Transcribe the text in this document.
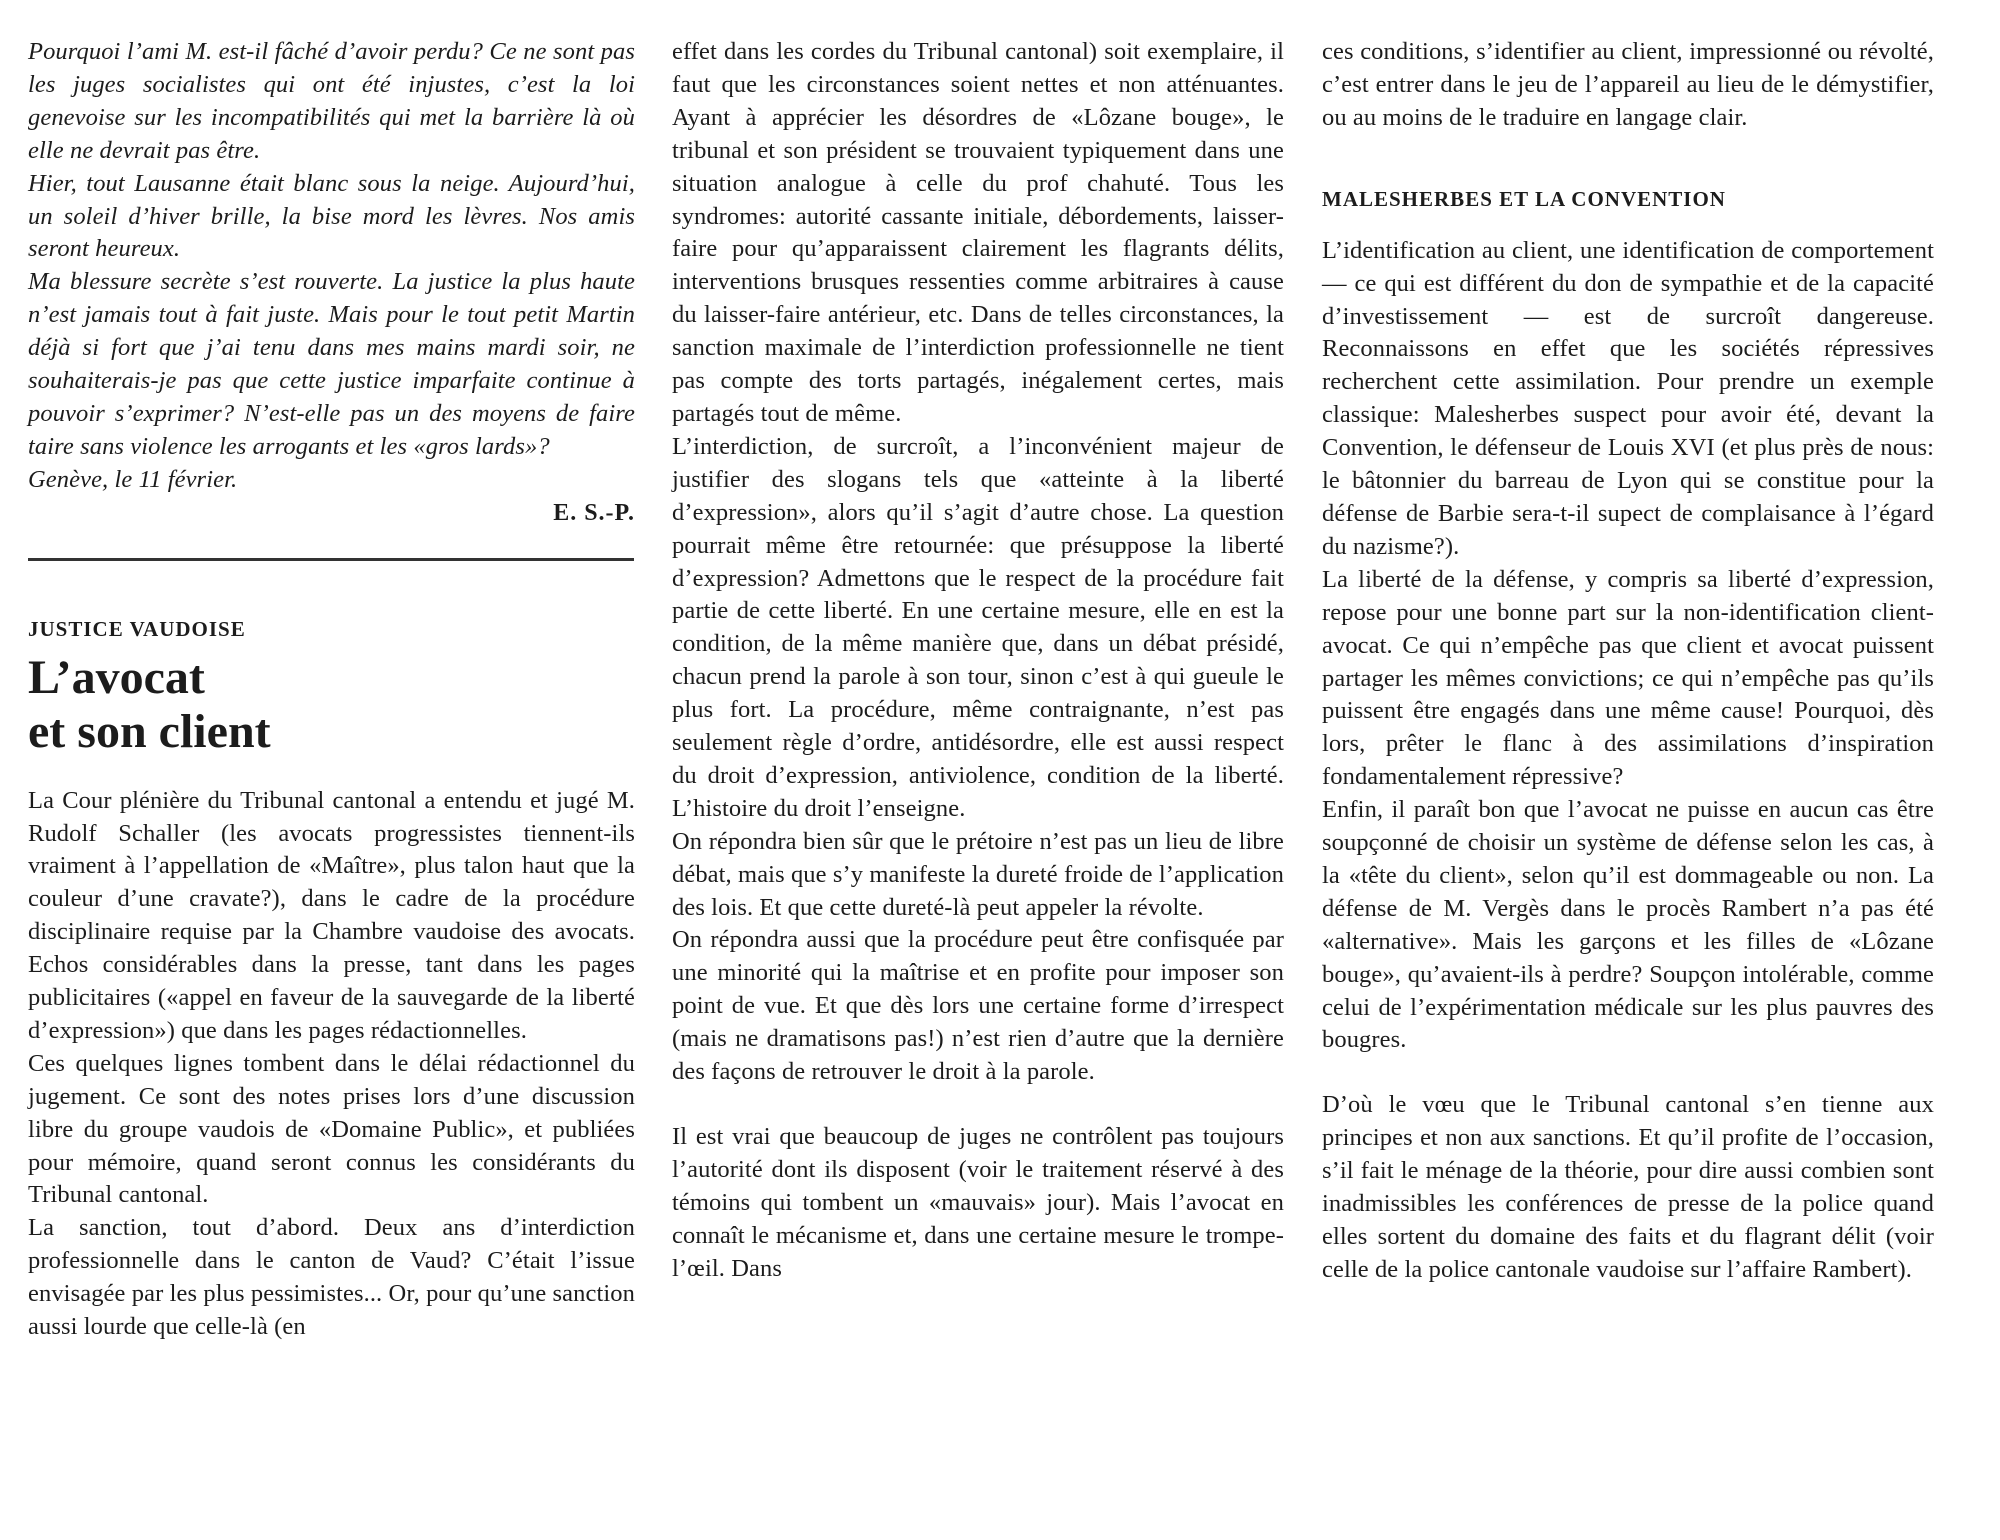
Pourquoi l’ami M. est-il fâché d’avoir perdu? Ce ne sont pas les juges socialistes qui ont été injustes, c’est la loi genevoise sur les incompatibilités qui met la barrière là où elle ne devrait pas être.

Hier, tout Lausanne était blanc sous la neige. Aujourd’hui, un soleil d’hiver brille, la bise mord les lèvres. Nos amis seront heureux.

Ma blessure secrète s’est rouverte. La justice la plus haute n’est jamais tout à fait juste. Mais pour le tout petit Martin déjà si fort que j’ai tenu dans mes mains mardi soir, ne souhaiterais-je pas que cette justice imparfaite continue à pouvoir s’exprimer? N’est-elle pas un des moyens de faire taire sans violence les arrogants et les «gros lards»?

Genève, le 11 février.

E. S.-P.

JUSTICE VAUDOISE
L’avocat
et son client

La Cour plénière du Tribunal cantonal a entendu et jugé M. Rudolf Schaller (les avocats progressistes tiennent-ils vraiment à l’appellation de «Maître», plus talon haut que la couleur d’une cravate?), dans le cadre de la procédure disciplinaire requise par la Chambre vaudoise des avocats. Echos considérables dans la presse, tant dans les pages publicitaires («appel en faveur de la sauvegarde de la liberté d’expression») que dans les pages rédactionnelles.

Ces quelques lignes tombent dans le délai rédactionnel du jugement. Ce sont des notes prises lors d’une discussion libre du groupe vaudois de «Domaine Public», et publiées pour mémoire, quand seront connus les considérants du Tribunal cantonal.

La sanction, tout d’abord. Deux ans d’interdiction professionnelle dans le canton de Vaud? C’était l’issue envisagée par les plus pessimistes... Or, pour qu’une sanction aussi lourde que celle-là (en

effet dans les cordes du Tribunal cantonal) soit exemplaire, il faut que les circonstances soient nettes et non atténuantes. Ayant à apprécier les désordres de «Lôzane bouge», le tribunal et son président se trouvaient typiquement dans une situation analogue à celle du prof chahuté. Tous les syndromes: autorité cassante initiale, débordements, laisser-faire pour qu’apparaissent clairement les flagrants délits, interventions brusques ressenties comme arbitraires à cause du laisser-faire antérieur, etc. Dans de telles circonstances, la sanction maximale de l’interdiction professionnelle ne tient pas compte des torts partagés, inégalement certes, mais partagés tout de même.

L’interdiction, de surcroît, a l’inconvénient majeur de justifier des slogans tels que «atteinte à la liberté d’expression», alors qu’il s’agit d’autre chose. La question pourrait même être retournée: que présuppose la liberté d’expression? Admettons que le respect de la procédure fait partie de cette liberté. En une certaine mesure, elle en est la condition, de la même manière que, dans un débat présidé, chacun prend la parole à son tour, sinon c’est à qui gueule le plus fort. La procédure, même contraignante, n’est pas seulement règle d’ordre, antidésordre, elle est aussi respect du droit d’expression, antiviolence, condition de la liberté. L’histoire du droit l’enseigne.

On répondra bien sûr que le prétoire n’est pas un lieu de libre débat, mais que s’y manifeste la dureté froide de l’application des lois. Et que cette dureté-là peut appeler la révolte.

On répondra aussi que la procédure peut être confisquée par une minorité qui la maîtrise et en profite pour imposer son point de vue. Et que dès lors une certaine forme d’irrespect (mais ne dramatisons pas!) n’est rien d’autre que la dernière des façons de retrouver le droit à la parole.

Il est vrai que beaucoup de juges ne contrôlent pas toujours l’autorité dont ils disposent (voir le traitement réservé à des témoins qui tombent un «mauvais» jour). Mais l’avocat en connaît le mécanisme et, dans une certaine mesure le trompe-l’œil. Dans

ces conditions, s’identifier au client, impressionné ou révolté, c’est entrer dans le jeu de l’appareil au lieu de le démystifier, ou au moins de le traduire en langage clair.

MALESHERBES ET LA CONVENTION

L’identification au client, une identification de comportement — ce qui est différent du don de sympathie et de la capacité d’investissement — est de surcroît dangereuse. Reconnaissons en effet que les sociétés répressives recherchent cette assimilation. Pour prendre un exemple classique: Malesherbes suspect pour avoir été, devant la Convention, le défenseur de Louis XVI (et plus près de nous: le bâtonnier du barreau de Lyon qui se constitue pour la défense de Barbie sera-t-il supect de complaisance à l’égard du nazisme?).

La liberté de la défense, y compris sa liberté d’expression, repose pour une bonne part sur la non-identification client-avocat. Ce qui n’empêche pas que client et avocat puissent partager les mêmes convictions; ce qui n’empêche pas qu’ils puissent être engagés dans une même cause! Pourquoi, dès lors, prêter le flanc à des assimilations d’inspiration fondamentalement répressive?

Enfin, il paraît bon que l’avocat ne puisse en aucun cas être soupçonné de choisir un système de défense selon les cas, à la «tête du client», selon qu’il est dommageable ou non. La défense de M. Vergès dans le procès Rambert n’a pas été «alternative». Mais les garçons et les filles de «Lôzane bouge», qu’avaient-ils à perdre? Soupçon intolérable, comme celui de l’expérimentation médicale sur les plus pauvres des bougres.

D’où le vœu que le Tribunal cantonal s’en tienne aux principes et non aux sanctions. Et qu’il profite de l’occasion, s’il fait le ménage de la théorie, pour dire aussi combien sont inadmissibles les conférences de presse de la police quand elles sortent du domaine des faits et du flagrant délit (voir celle de la police cantonale vaudoise sur l’affaire Rambert).
